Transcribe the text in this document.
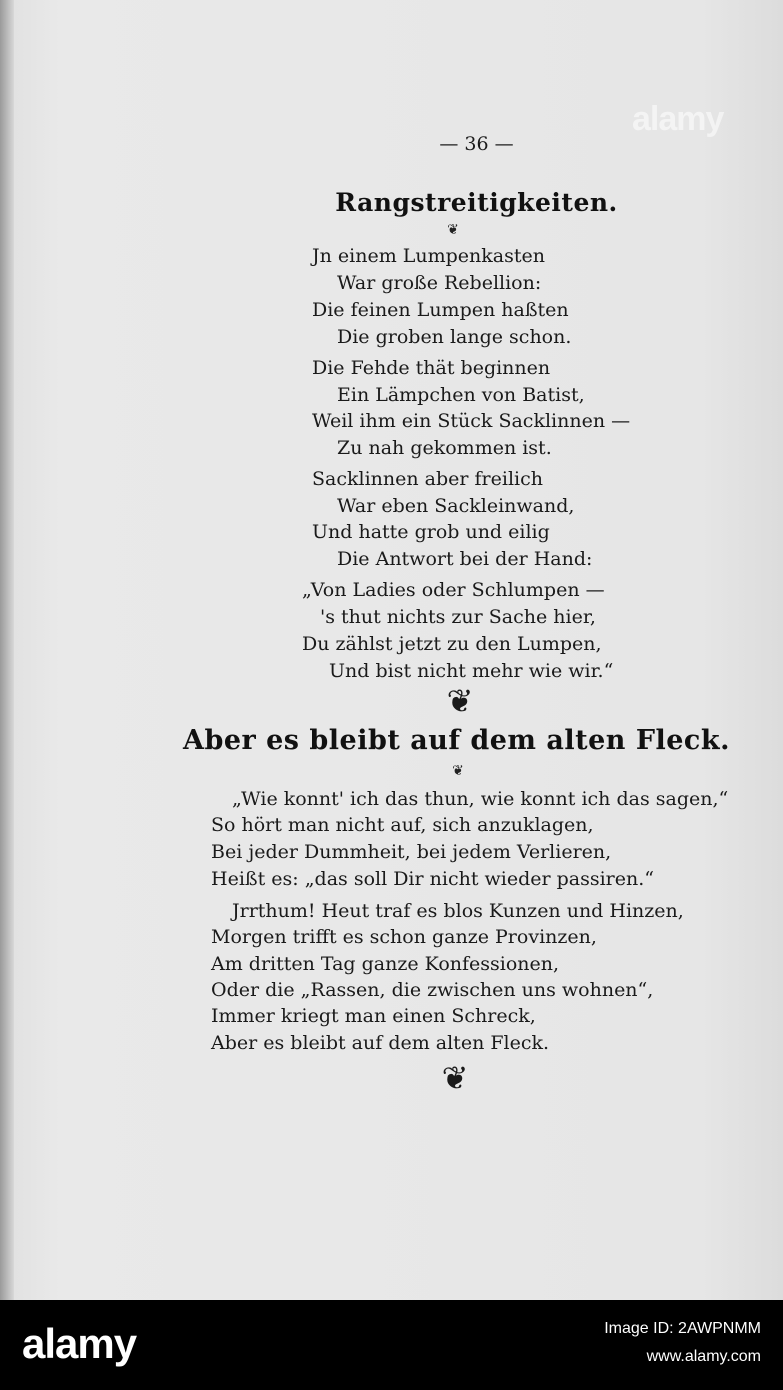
— 36 —
Rangstreitigkeiten.
❦
Jn einem Lumpenkasten
War große Rebellion:
Die feinen Lumpen haßten
Die groben lange schon.
Die Fehde thät beginnen
Ein Lämpchen von Batist,
Weil ihm ein Stück Sacklinnen —
Zu nah gekommen ist.
Sacklinnen aber freilich
War eben Sackleinwand,
Und hatte grob und eilig
Die Antwort bei der Hand:
„Von Ladies oder Schlumpen —
's thut nichts zur Sache hier,
Du zählst jetzt zu den Lumpen,
Und bist nicht mehr wie wir.“
❦
Aber es bleibt auf dem alten Fleck.
❦
„Wie konnt' ich das thun, wie konnt ich das sagen,“
So hört man nicht auf, sich anzuklagen,
Bei jeder Dummheit, bei jedem Verlieren,
Heißt es: „das soll Dir nicht wieder passiren.“
Jrrthum! Heut traf es blos Kunzen und Hinzen,
Morgen trifft es schon ganze Provinzen,
Am dritten Tag ganze Konfessionen,
Oder die „Rassen, die zwischen uns wohnen“,
Immer kriegt man einen Schreck,
Aber es bleibt auf dem alten Fleck.
❦
alamy
alamy	Image ID: 2AWPNMM
www.alamy.com
